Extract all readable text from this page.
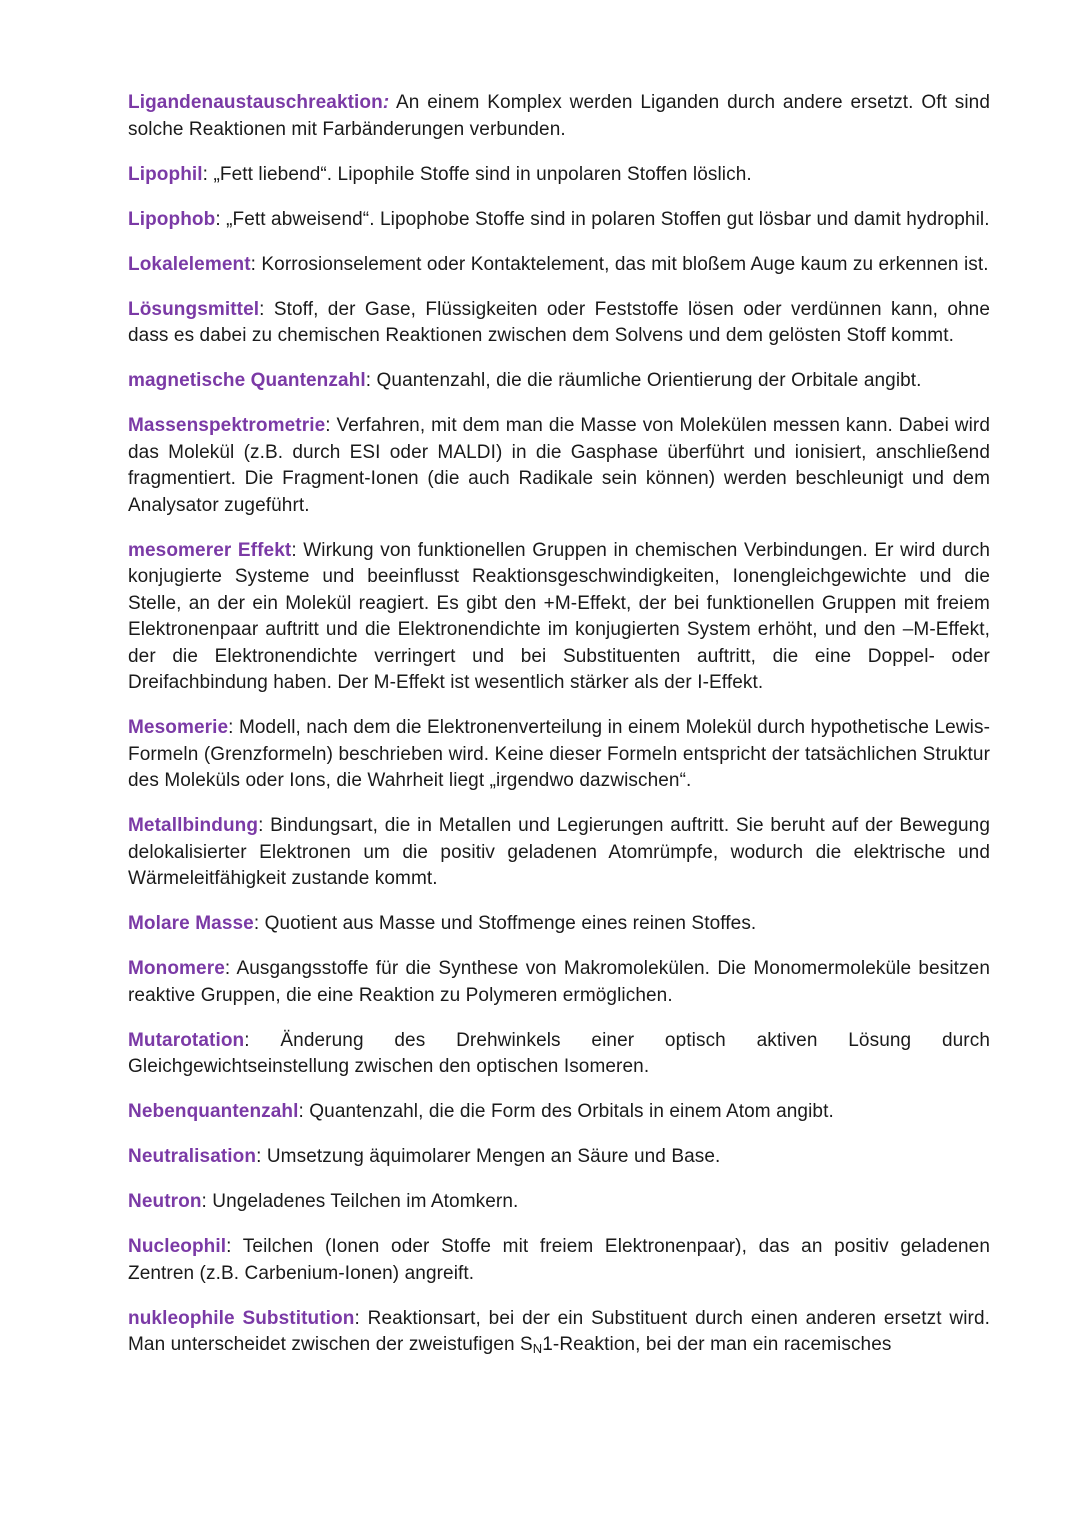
Ligandenaustauschreaktion: An einem Komplex werden Liganden durch andere ersetzt. Oft sind solche Reaktionen mit Farbänderungen verbunden.

Lipophil: „Fett liebend“. Lipophile Stoffe sind in unpolaren Stoffen löslich.

Lipophob: „Fett abweisend“. Lipophobe Stoffe sind in polaren Stoffen gut lösbar und damit hydrophil.

Lokalelement: Korrosionselement oder Kontaktelement, das mit bloßem Auge kaum zu erkennen ist.

Lösungsmittel: Stoff, der Gase, Flüssigkeiten oder Feststoffe lösen oder verdünnen kann, ohne dass es dabei zu chemischen Reaktionen zwischen dem Solvens und dem gelösten Stoff kommt.

magnetische Quantenzahl: Quantenzahl, die die räumliche Orientierung der Orbitale angibt.

Massenspektrometrie: Verfahren, mit dem man die Masse von Molekülen messen kann. Dabei wird das Molekül (z.B. durch ESI oder MALDI) in die Gasphase überführt und ionisiert, anschließend fragmentiert. Die Fragment-Ionen (die auch Radikale sein können) werden beschleunigt und dem Analysator zugeführt.

mesomerer Effekt: Wirkung von funktionellen Gruppen in chemischen Verbindungen. Er wird durch konjugierte Systeme und beeinflusst Reaktionsgeschwindigkeiten, Ionengleichgewichte und die Stelle, an der ein Molekül reagiert. Es gibt den +M-Effekt, der bei funktionellen Gruppen mit freiem Elektronenpaar auftritt und die Elektronendichte im konjugierten System erhöht, und den –M-Effekt, der die Elektronendichte verringert und bei Substituenten auftritt, die eine Doppel- oder Dreifachbindung haben. Der M-Effekt ist wesentlich stärker als der I-Effekt.

Mesomerie: Modell, nach dem die Elektronenverteilung in einem Molekül durch hypothetische Lewis-Formeln (Grenzformeln) beschrieben wird. Keine dieser Formeln entspricht der tatsächlichen Struktur des Moleküls oder Ions, die Wahrheit liegt „irgendwo dazwischen“.

Metallbindung: Bindungsart, die in Metallen und Legierungen auftritt. Sie beruht auf der Bewegung delokalisierter Elektronen um die positiv geladenen Atomrümpfe, wodurch die elektrische und Wärmeleitfähigkeit zustande kommt.

Molare Masse: Quotient aus Masse und Stoffmenge eines reinen Stoffes.

Monomere: Ausgangsstoffe für die Synthese von Makromolekülen. Die Monomermoleküle besitzen reaktive Gruppen, die eine Reaktion zu Polymeren ermöglichen.

Mutarotation: Änderung des Drehwinkels einer optisch aktiven Lösung durch Gleichgewichtseinstellung zwischen den optischen Isomeren.

Nebenquantenzahl: Quantenzahl, die die Form des Orbitals in einem Atom angibt.

Neutralisation: Umsetzung äquimolarer Mengen an Säure und Base.

Neutron: Ungeladenes Teilchen im Atomkern.

Nucleophil: Teilchen (Ionen oder Stoffe mit freiem Elektronenpaar), das an positiv geladenen Zentren (z.B. Carbenium-Ionen) angreift.

nukleophile Substitution: Reaktionsart, bei der ein Substituent durch einen anderen ersetzt wird. Man unterscheidet zwischen der zweistufigen $S_N1$-Reaktion, bei der man ein racemisches
